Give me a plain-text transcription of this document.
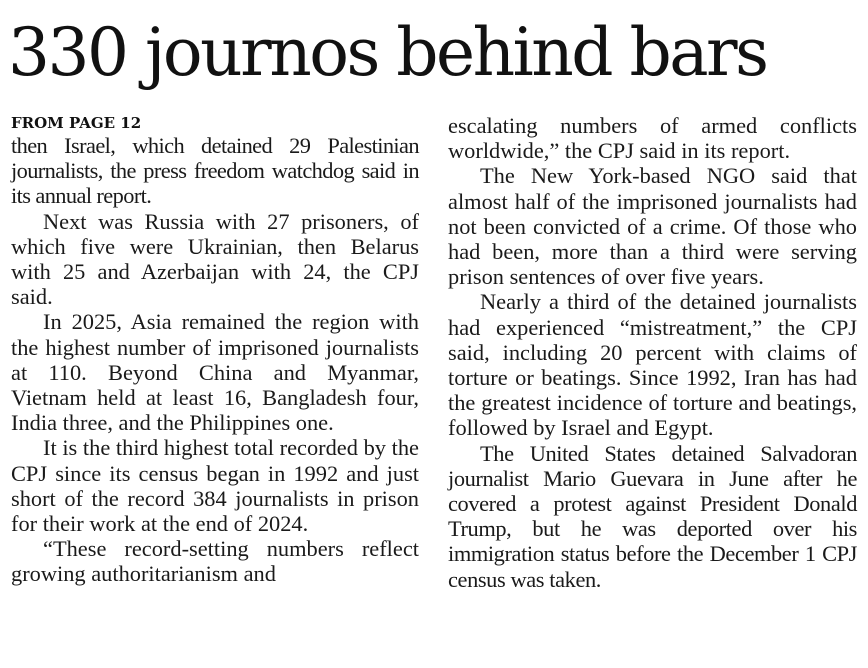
330 journos behind bars
FROM PAGE 12

then Israel, which detained 29 Palestinian journalists, the press freedom watchdog said in its annual report.

Next was Russia with 27 prisoners, of which five were Ukrainian, then Belarus with 25 and Azerbaijan with 24, the CPJ said.

In 2025, Asia remained the region with the highest number of imprisoned journalists at 110. Beyond China and Myanmar, Vietnam held at least 16, Bangladesh four, India three, and the Philippines one.

It is the third highest total recorded by the CPJ since its census began in 1992 and just short of the record 384 journalists in prison for their work at the end of 2024.

“These record-setting numbers reflect growing authoritarianism and

escalating numbers of armed conflicts worldwide,” the CPJ said in its report.

The New York-based NGO said that almost half of the imprisoned journalists had not been convicted of a crime. Of those who had been, more than a third were serving prison sentences of over five years.

Nearly a third of the detained journalists had experienced “mistreatment,” the CPJ said, including 20 percent with claims of torture or beatings. Since 1992, Iran has had the greatest incidence of torture and beatings, followed by Israel and Egypt.

The United States detained Salvadoran journalist Mario Guevara in June after he covered a protest against President Donald Trump, but he was deported over his immigration status before the December 1 CPJ census was taken.
